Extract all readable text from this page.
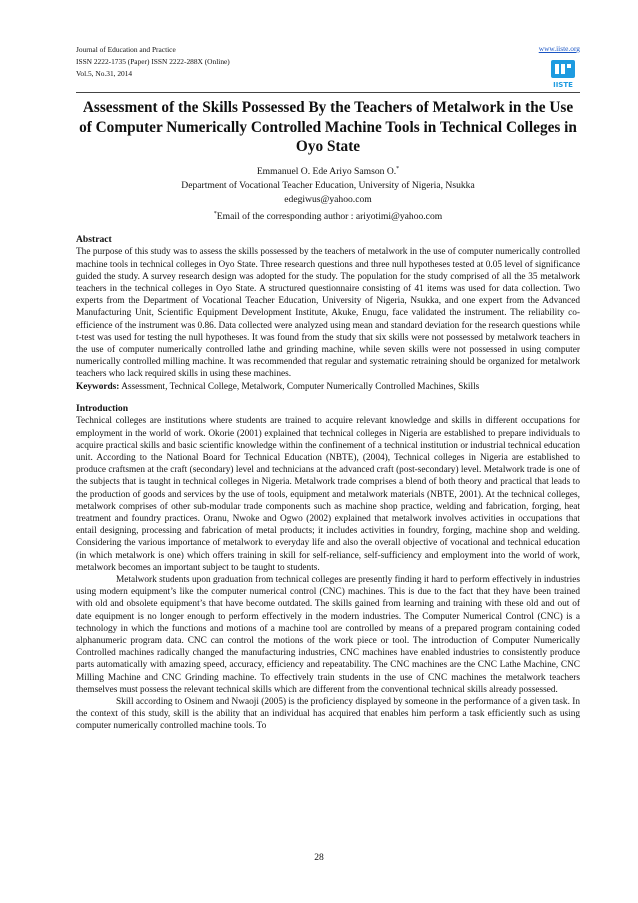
Journal of Education and Practice
ISSN 2222-1735 (Paper) ISSN 2222-288X (Online)
Vol.5, No.31, 2014
www.iiste.org
IISTE
Assessment of the Skills Possessed By the Teachers of Metalwork in the Use of Computer Numerically Controlled Machine Tools in Technical Colleges in Oyo State
Emmanuel O. Ede Ariyo Samson O.*
Department of Vocational Teacher Education, University of Nigeria, Nsukka
edegiwus@yahoo.com
*Email of the corresponding author : ariyotimi@yahoo.com
Abstract

The purpose of this study was to assess the skills possessed by the teachers of metalwork in the use of computer numerically controlled machine tools in technical colleges in Oyo State. Three research questions and three null hypotheses tested at 0.05 level of significance guided the study. A survey research design was adopted for the study. The population for the study comprised of all the 35 metalwork teachers in the technical colleges in Oyo State. A structured questionnaire consisting of 41 items was used for data collection. Two experts from the Department of Vocational Teacher Education, University of Nigeria, Nsukka, and one expert from the Advanced Manufacturing Unit, Scientific Equipment Development Institute, Akuke, Enugu, face validated the instrument. The reliability co-efficience of the instrument was 0.86. Data collected were analyzed using mean and standard deviation for the research questions while t-test was used for testing the null hypotheses. It was found from the study that six skills were not possessed by metalwork teachers in the use of computer numerically controlled lathe and grinding machine, while seven skills were not possessed in using computer numerically controlled milling machine. It was recommended that regular and systematic retraining should be organized for metalwork teachers who lack required skills in using these machines.

Keywords: Assessment, Technical College, Metalwork, Computer Numerically Controlled Machines, Skills

Introduction

Technical colleges are institutions where students are trained to acquire relevant knowledge and skills in different occupations for employment in the world of work. Okorie (2001) explained that technical colleges in Nigeria are established to prepare individuals to acquire practical skills and basic scientific knowledge within the confinement of a technical institution or industrial technical education unit. According to the National Board for Technical Education (NBTE), (2004), Technical colleges in Nigeria are established to produce craftsmen at the craft (secondary) level and technicians at the advanced craft (post-secondary) level. Metalwork trade is one of the subjects that is taught in technical colleges in Nigeria. Metalwork trade comprises a blend of both theory and practical that leads to the production of goods and services by the use of tools, equipment and metalwork materials (NBTE, 2001). At the technical colleges, metalwork comprises of other sub-modular trade components such as machine shop practice, welding and fabrication, forging, heat treatment and foundry practices. Oranu, Nwoke and Ogwo (2002) explained that metalwork involves activities in occupations that entail designing, processing and fabrication of metal products; it includes activities in foundry, forging, machine shop and welding. Considering the various importance of metalwork to everyday life and also the overall objective of vocational and technical education (in which metalwork is one) which offers training in skill for self-reliance, self-sufficiency and employment into the world of work, metalwork becomes an important subject to be taught to students.

Metalwork students upon graduation from technical colleges are presently finding it hard to perform effectively in industries using modern equipment’s like the computer numerical control (CNC) machines. This is due to the fact that they have been trained with old and obsolete equipment’s that have become outdated. The skills gained from learning and training with these old and out of date equipment is no longer enough to perform effectively in the modern industries. The Computer Numerical Control (CNC) is a technology in which the functions and motions of a machine tool are controlled by means of a prepared program containing coded alphanumeric program data. CNC can control the motions of the work piece or tool. The introduction of Computer Numerically Controlled machines radically changed the manufacturing industries, CNC machines have enabled industries to consistently produce parts automatically with amazing speed, accuracy, efficiency and repeatability. The CNC machines are the CNC Lathe Machine, CNC Milling Machine and CNC Grinding machine. To effectively train students in the use of CNC machines the metalwork teachers themselves must possess the relevant technical skills which are different from the conventional technical skills already possessed.

Skill according to Osinem and Nwaoji (2005) is the proficiency displayed by someone in the performance of a given task. In the context of this study, skill is the ability that an individual has acquired that enables him perform a task efficiently such as using computer numerically controlled machine tools. To

28
